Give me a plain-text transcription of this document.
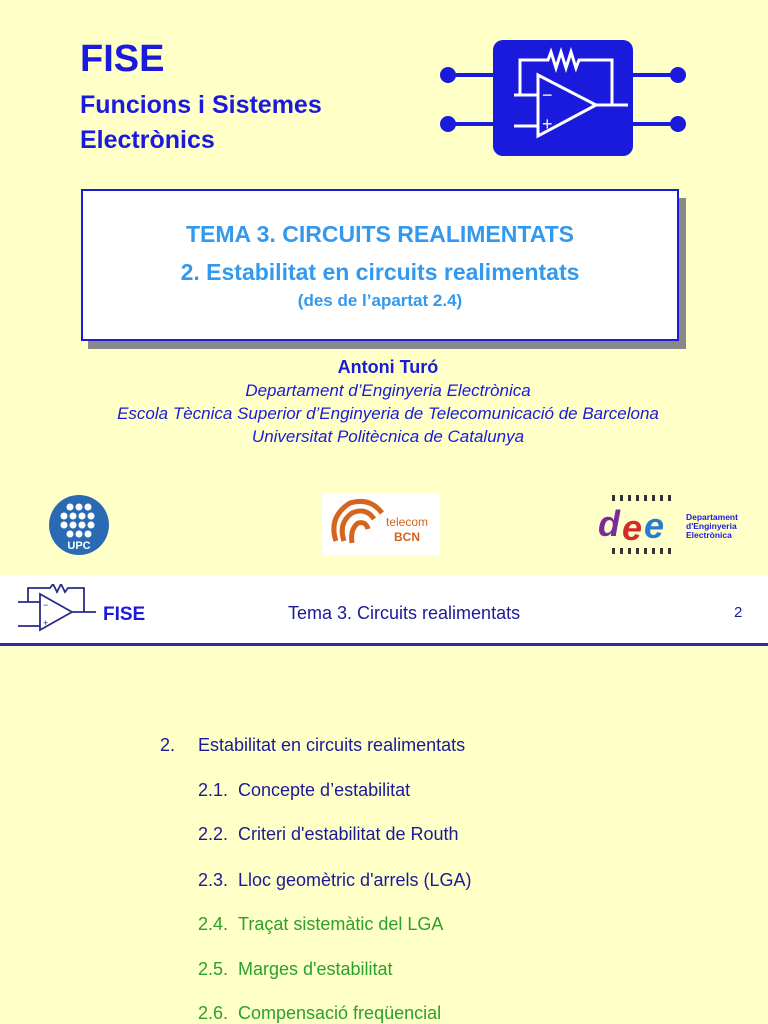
FISE
Funcions i Sistemes
Electrònics
−
+
TEMA 3. CIRCUITS REALIMENTATS
2. Estabilitat en circuits realimentats
(des de l’apartat 2.4)
Antoni Turó
Departament d’Enginyeria Electrònica
Escola Tècnica Superior d’Enginyeria de Telecomunicació de Barcelona
Universitat Politècnica de Catalunya
UPC
telecom
BCN	d e e	Departament
d'Enginyeria
Electrònica
−
+	FISE	Tema 3. Circuits realimentats	2
2. Estabilitat en circuits realimentats
2.1. Concepte d’estabilitat
2.2. Criteri d'estabilitat de Routh
2.3. Lloc geomètric d'arrels (LGA)
2.4. Traçat sistemàtic del LGA
2.5. Marges d'estabilitat
2.6. Compensació freqüencial
